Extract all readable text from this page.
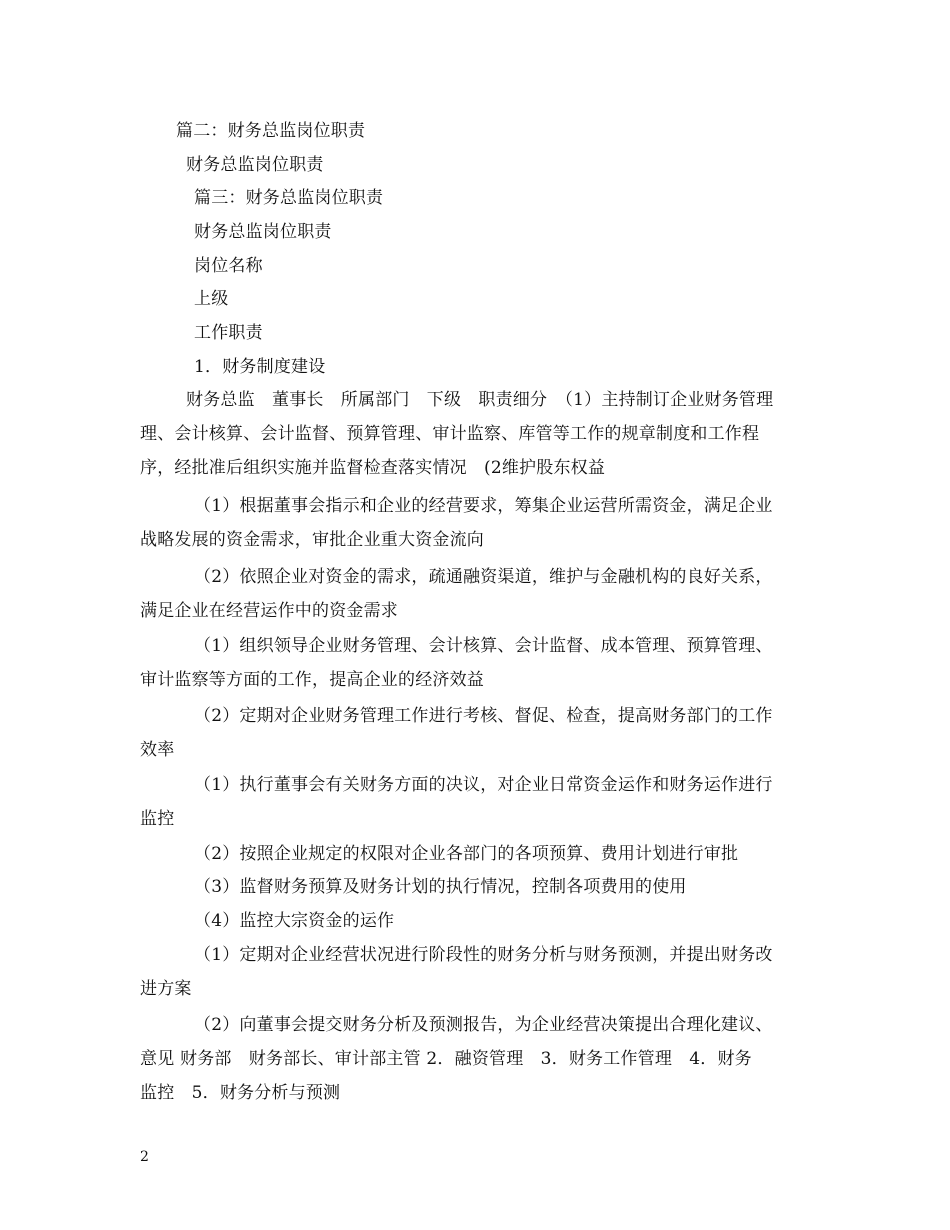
篇二：财务总监岗位职责
财务总监岗位职责
篇三：财务总监岗位职责
财务总监岗位职责
岗位名称
上级
工作职责
1．财务制度建设
财务总监　董事长　所属部门　下级　职责细分　（1）主持制订企业财务管理
理、会计核算、会计监督、预算管理、审计监察、库管等工作的规章制度和工作程
序，经批准后组织实施并监督检查落实情况　(2维护股东权益
（1）根据董事会指示和企业的经营要求，筹集企业运营所需资金，满足企业
战略发展的资金需求，审批企业重大资金流向
（2）依照企业对资金的需求，疏通融资渠道，维护与金融机构的良好关系，
满足企业在经营运作中的资金需求
（1）组织领导企业财务管理、会计核算、会计监督、成本管理、预算管理、
审计监察等方面的工作，提高企业的经济效益
（2）定期对企业财务管理工作进行考核、督促、检查，提高财务部门的工作
效率
（1）执行董事会有关财务方面的决议，对企业日常资金运作和财务运作进行
监控
（2）按照企业规定的权限对企业各部门的各项预算、费用计划进行审批
（3）监督财务预算及财务计划的执行情况，控制各项费用的使用
（4）监控大宗资金的运作
（1）定期对企业经营状况进行阶段性的财务分析与财务预测，并提出财务改
进方案
（2）向董事会提交财务分析及预测报告，为企业经营决策提出合理化建议、
意见 财务部　财务部长、审计部主管 2．融资管理　3．财务工作管理　4．财务
监控　5．财务分析与预测
2
